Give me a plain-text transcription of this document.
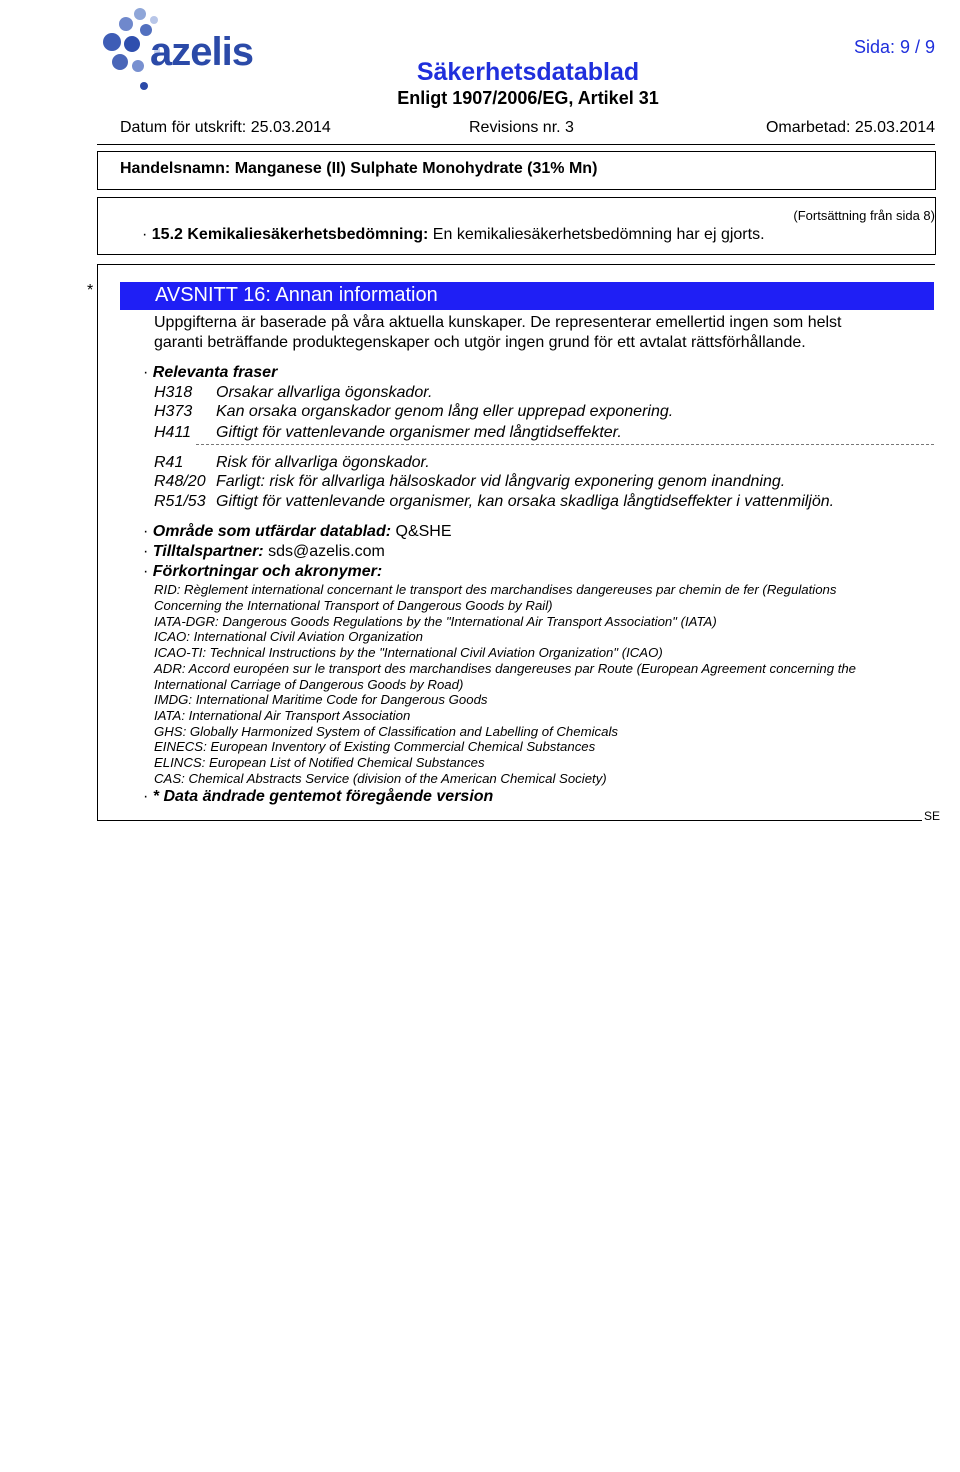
azelis	Sida: 9 / 9
Säkerhetsdatablad
Enligt 1907/2006/EG, Artikel 31
Datum för utskrift: 25.03.2014	Revisions nr. 3	Omarbetad: 25.03.2014
Handelsnamn: Manganese (II) Sulphate Monohydrate (31% Mn)
(Fortsättning från sida 8)
· 15.2 Kemikaliesäkerhetsbedömning: En kemikaliesäkerhetsbedömning har ej gjorts.
*	AVSNITT 16: Annan information
Uppgifterna är baserade på våra aktuella kunskaper. De representerar emellertid ingen som helst
garanti beträffande produktegenskaper och utgör ingen grund för ett avtalat rättsförhållande.
· Relevanta fraser
H318 Orsakar allvarliga ögonskador.
H373 Kan orsaka organskador genom lång eller upprepad exponering.
H411 Giftigt för vattenlevande organismer med långtidseffekter.
R41 Risk för allvarliga ögonskador.
R48/20 Farligt: risk för allvarliga hälsoskador vid långvarig exponering genom inandning.
R51/53 Giftigt för vattenlevande organismer, kan orsaka skadliga långtidseffekter i vattenmiljön.
· Område som utfärdar datablad: Q&SHE
· Tilltalspartner: sds@azelis.com
· Förkortningar och akronymer:
RID: Règlement international concernant le transport des marchandises dangereuses par chemin de fer (Regulations
Concerning the International Transport of Dangerous Goods by Rail)
IATA-DGR: Dangerous Goods Regulations by the "International Air Transport Association" (IATA)
ICAO: International Civil Aviation Organization
ICAO-TI: Technical Instructions by the "International Civil Aviation Organization" (ICAO)
ADR: Accord européen sur le transport des marchandises dangereuses par Route (European Agreement concerning the
International Carriage of Dangerous Goods by Road)
IMDG: International Maritime Code for Dangerous Goods
IATA: International Air Transport Association
GHS: Globally Harmonized System of Classification and Labelling of Chemicals
EINECS: European Inventory of Existing Commercial Chemical Substances
ELINCS: European List of Notified Chemical Substances
CAS: Chemical Abstracts Service (division of the American Chemical Society)
· * Data ändrade gentemot föregående version
SE
